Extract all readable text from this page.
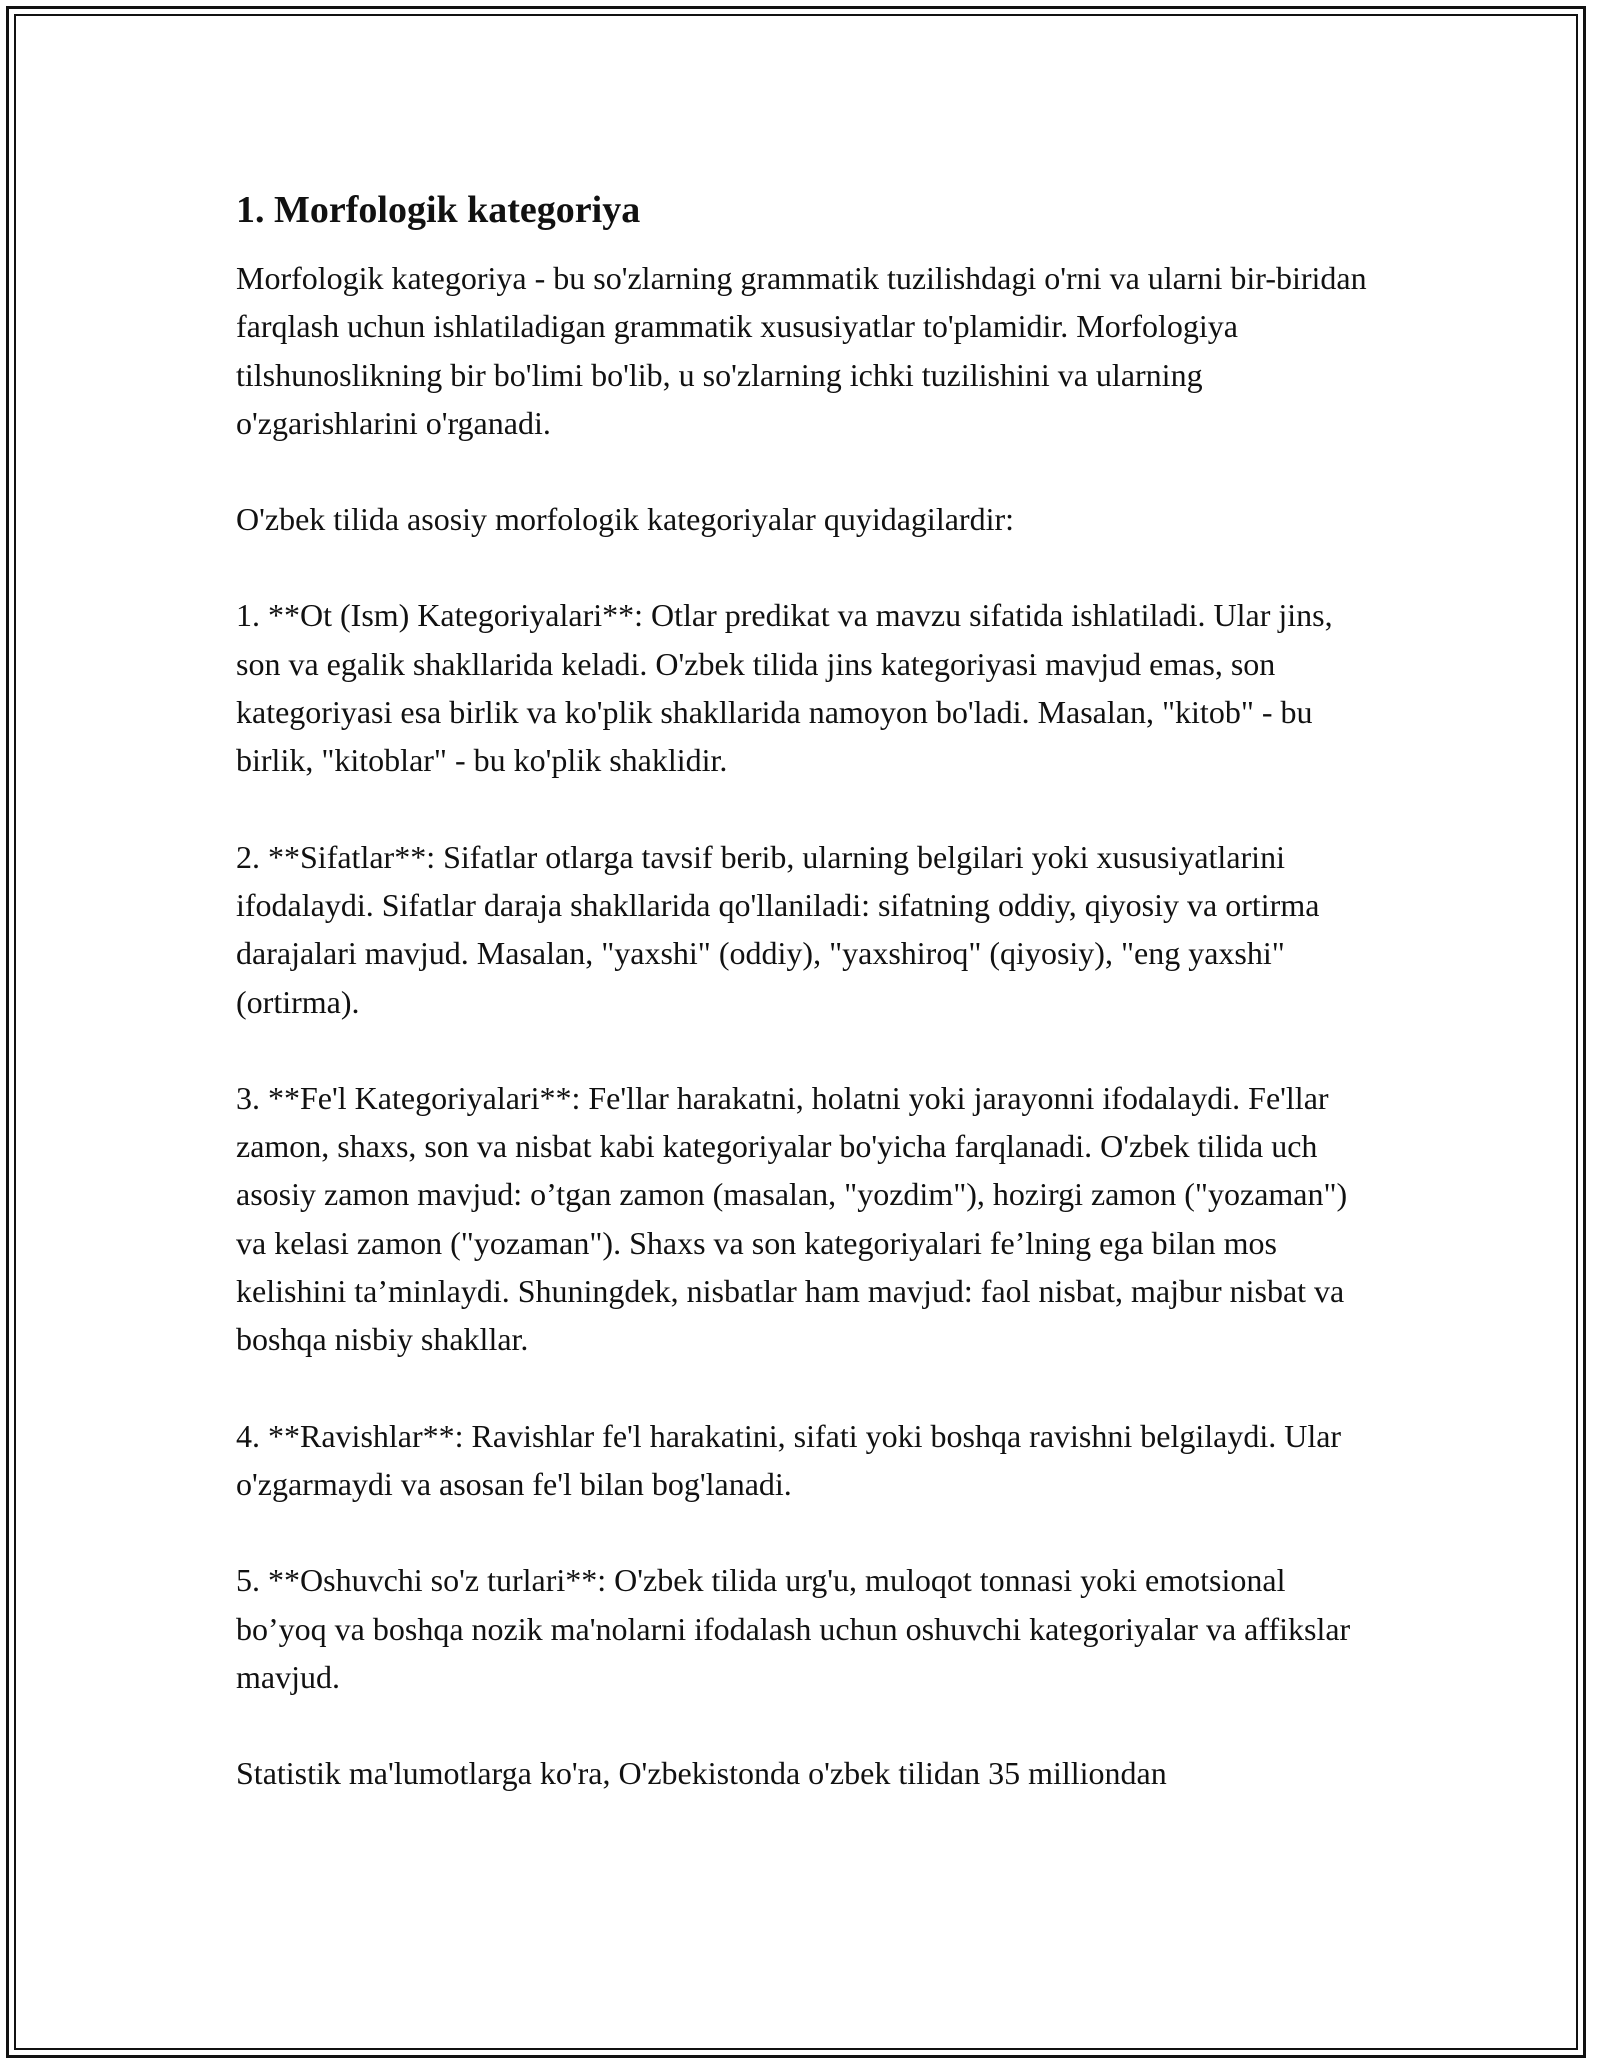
1. Morfologik kategoriya

Morfologik kategoriya - bu so'zlarning grammatik tuzilishdagi o'rni va ularni bir-biridan farqlash uchun ishlatiladigan grammatik xususiyatlar to'plamidir. Morfologiya tilshunoslikning bir bo'limi bo'lib, u so'zlarning ichki tuzilishini va ularning o'zgarishlarini o'rganadi.

O'zbek tilida asosiy morfologik kategoriyalar quyidagilardir:

1. **Ot (Ism) Kategoriyalari**: Otlar predikat va mavzu sifatida ishlatiladi. Ular jins, son va egalik shakllarida keladi. O'zbek tilida jins kategoriyasi mavjud emas, son kategoriyasi esa birlik va ko'plik shakllarida namoyon bo'ladi. Masalan, "kitob" - bu birlik, "kitoblar" - bu ko'plik shaklidir.

2. **Sifatlar**: Sifatlar otlarga tavsif berib, ularning belgilari yoki xususiyatlarini ifodalaydi. Sifatlar daraja shakllarida qo'llaniladi: sifatning oddiy, qiyosiy va ortirma darajalari mavjud. Masalan, "yaxshi" (oddiy), "yaxshiroq" (qiyosiy), "eng yaxshi" (ortirma).

3. **Fe'l Kategoriyalari**: Fe'llar harakatni, holatni yoki jarayonni ifodalaydi. Fe'llar zamon, shaxs, son va nisbat kabi kategoriyalar bo'yicha farqlanadi. O'zbek tilida uch asosiy zamon mavjud: o’tgan zamon (masalan, "yozdim"), hozirgi zamon ("yozaman") va kelasi zamon ("yozaman"). Shaxs va son kategoriyalari fe’lning ega bilan mos kelishini ta’minlaydi. Shuningdek, nisbatlar ham mavjud: faol nisbat, majbur nisbat va boshqa nisbiy shakllar.

4. **Ravishlar**: Ravishlar fe'l harakatini, sifati yoki boshqa ravishni belgilaydi. Ular o'zgarmaydi va asosan fe'l bilan bog'lanadi.

5. **Oshuvchi so'z turlari**: O'zbek tilida urg'u, muloqot tonnasi yoki emotsional bo’yoq va boshqa nozik ma'nolarni ifodalash uchun oshuvchi kategoriyalar va affikslar mavjud.

Statistik ma'lumotlarga ko'ra, O'zbekistonda o'zbek tilidan 35 milliondan
